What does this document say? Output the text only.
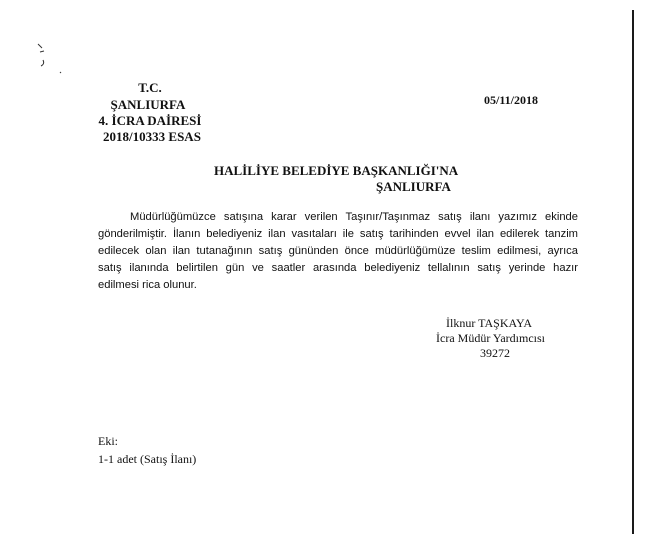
T.C.
ŞANLIURFA
4. İCRA DAİRESİ
2018/10333 ESAS
05/11/2018
HALİLİYE BELEDİYE BAŞKANLIĞI'NA
ŞANLIURFA
Müdürlüğümüzce satışına karar verilen Taşınır/Taşınmaz satış ilanı yazımız ekinde
gönderilmiştir. İlanın belediyeniz ilan vasıtaları ile satış tarihinden evvel ilan edilerek tanzim
edilecek olan ilan tutanağının satış gününden önce müdürlüğümüze teslim edilmesi, ayrıca
satış ilanında belirtilen gün ve saatler arasında belediyeniz tellalının satış yerinde hazır
edilmesi rica olunur.
İlknur TAŞKAYA
İcra Müdür Yardımcısı
39272
Eki:
1-1 adet (Satış İlanı)
